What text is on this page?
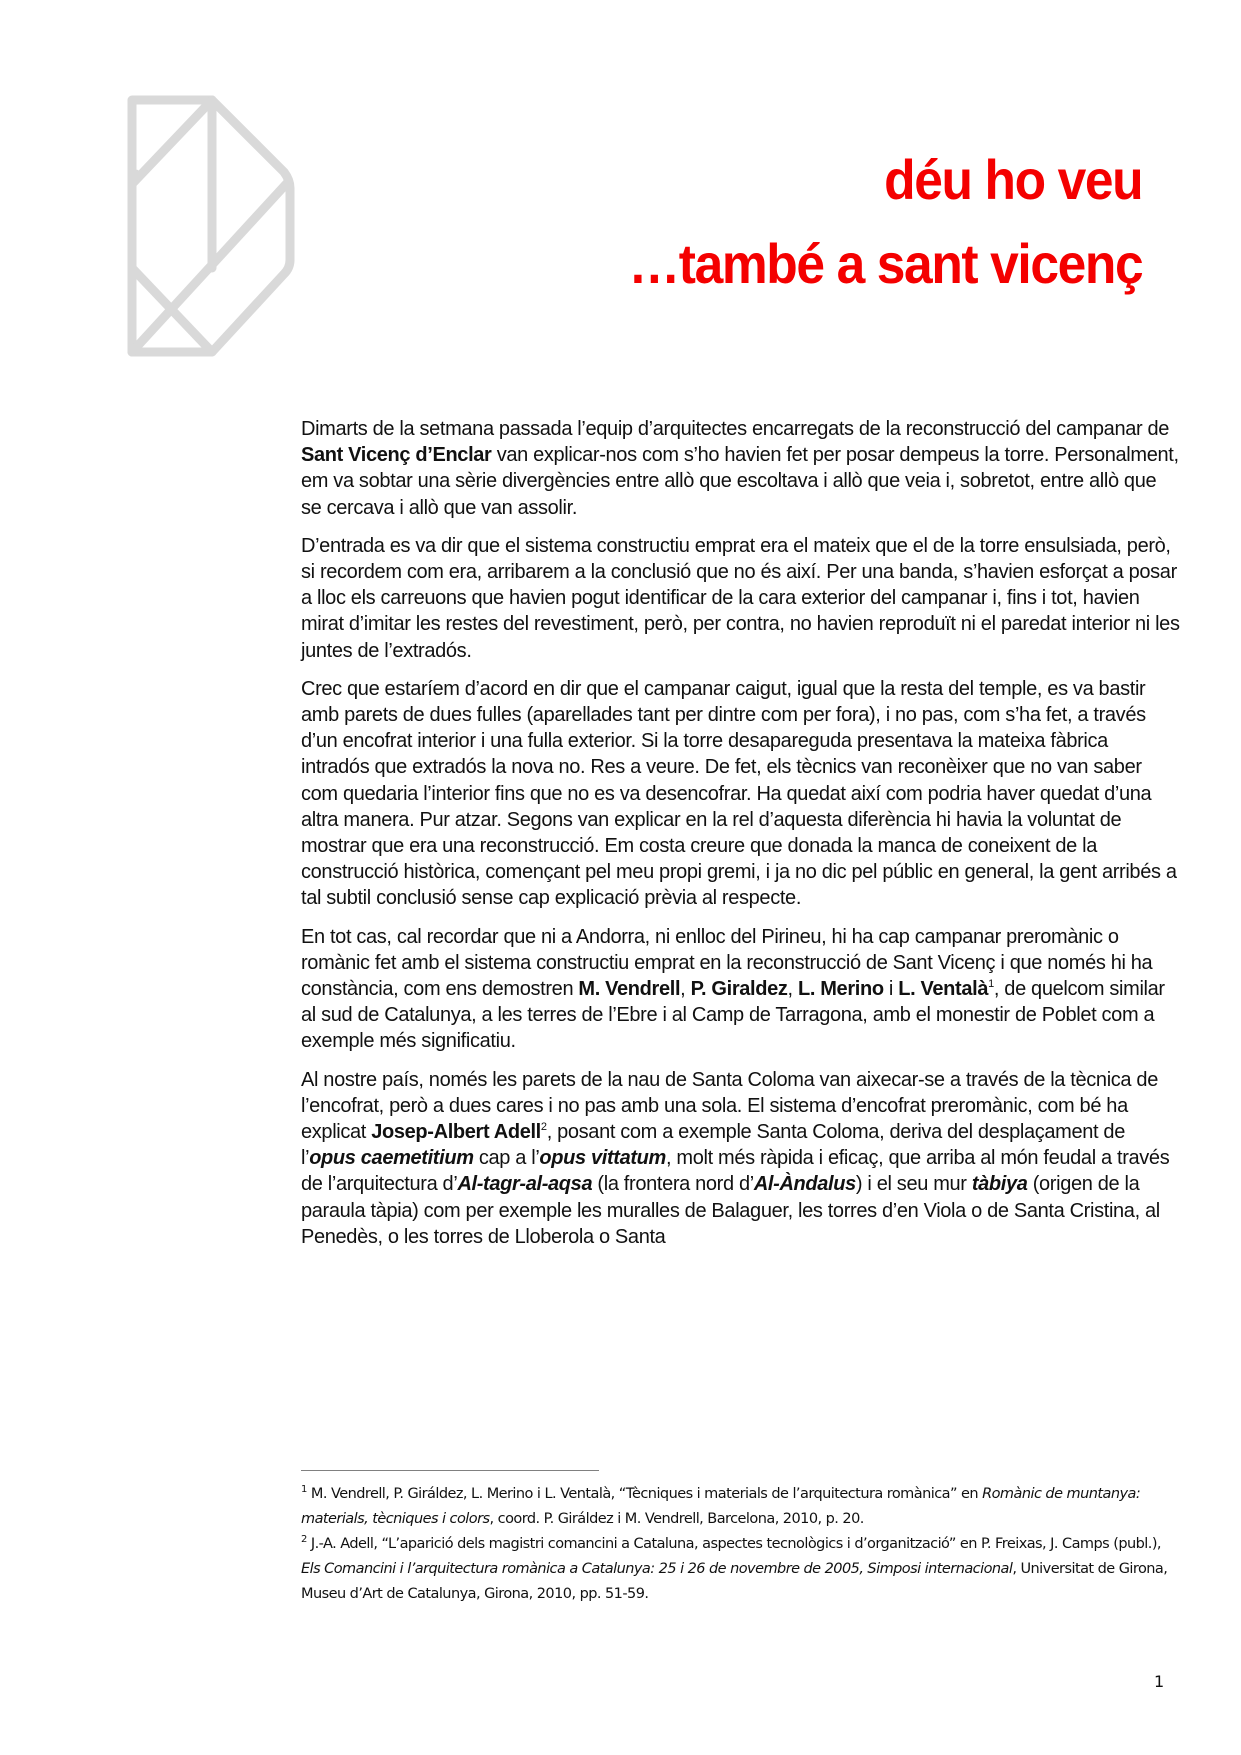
déu ho veu
…també a sant vicenç

Dimarts de la setmana passada l’equip d’arquitectes encarregats de la reconstrucció del campanar de Sant Vicenç d’Enclar van explicar-nos com s’ho havien fet per posar dempeus la torre. Personalment, em va sobtar una sèrie divergències entre allò que escoltava i allò que veia i, sobretot, entre allò que se cercava i allò que van assolir.

D’entrada es va dir que el sistema constructiu emprat era el mateix que el de la torre ensulsiada, però, si recordem com era, arribarem a la conclusió que no és així. Per una banda, s’havien esforçat a posar a lloc els carreuons que havien pogut identificar de la cara exterior del campanar i, fins i tot, havien mirat d’imitar les restes del revestiment, però, per contra, no havien reproduït ni el paredat interior ni les juntes de l’extradós.

Crec que estaríem d’acord en dir que el campanar caigut, igual que la resta del temple, es va bastir amb parets de dues fulles (aparellades tant per dintre com per fora), i no pas, com s’ha fet, a través d’un encofrat interior i una fulla exterior. Si la torre desapareguda presentava la mateixa fàbrica intradós que extradós la nova no. Res a veure. De fet, els tècnics van reconèixer que no van saber com quedaria l’interior fins que no es va desencofrar. Ha quedat així com podria haver quedat d’una altra manera. Pur atzar. Segons van explicar en la rel d’aquesta diferència hi havia la voluntat de mostrar que era una reconstrucció. Em costa creure que donada la manca de coneixent de la construcció històrica, començant pel meu propi gremi, i ja no dic pel públic en general, la gent arribés a tal subtil conclusió sense cap explicació prèvia al respecte.

En tot cas, cal recordar que ni a Andorra, ni enlloc del Pirineu, hi ha cap campanar preromànic o romànic fet amb el sistema constructiu emprat en la reconstrucció de Sant Vicenç i que només hi ha constància, com ens demostren M. Vendrell, P. Giraldez, L. Merino i L. Ventalà$^1$, de quelcom similar al sud de Catalunya, a les terres de l’Ebre i al Camp de Tarragona, amb el monestir de Poblet com a exemple més significatiu.

Al nostre país, només les parets de la nau de Santa Coloma van aixecar-se a través de la tècnica de l’encofrat, però a dues cares i no pas amb una sola. El sistema d’encofrat preromànic, com bé ha explicat Josep-Albert Adell$^2$, posant com a exemple Santa Coloma, deriva del desplaçament de l’opus caemetitium cap a l’opus vittatum, molt més ràpida i eficaç, que arriba al món feudal a través de l’arquitectura d’Al-tagr-al-aqsa (la frontera nord d’Al-Àndalus) i el seu mur tàbiya (origen de la paraula tàpia) com per exemple les muralles de Balaguer, les torres d’en Viola o de Santa Cristina, al Penedès, o les torres de Lloberola o Santa

$^1$ M. Vendrell, P. Giráldez, L. Merino i L. Ventalà, “Tècniques i materials de l’arquitectura romànica” en Romànic de muntanya: materials, tècniques i colors, coord. P. Giráldez i M. Vendrell, Barcelona, 2010, p. 20.

$^2$ J.-A. Adell, “L’aparició dels magistri comancini a Cataluna, aspectes tecnològics i d’organització” en P. Freixas, J. Camps (publ.), Els Comancini i l’arquitectura romànica a Catalunya: 25 i 26 de novembre de 2005, Simposi internacional, Universitat de Girona, Museu d’Art de Catalunya, Girona, 2010, pp. 51-59.

1
